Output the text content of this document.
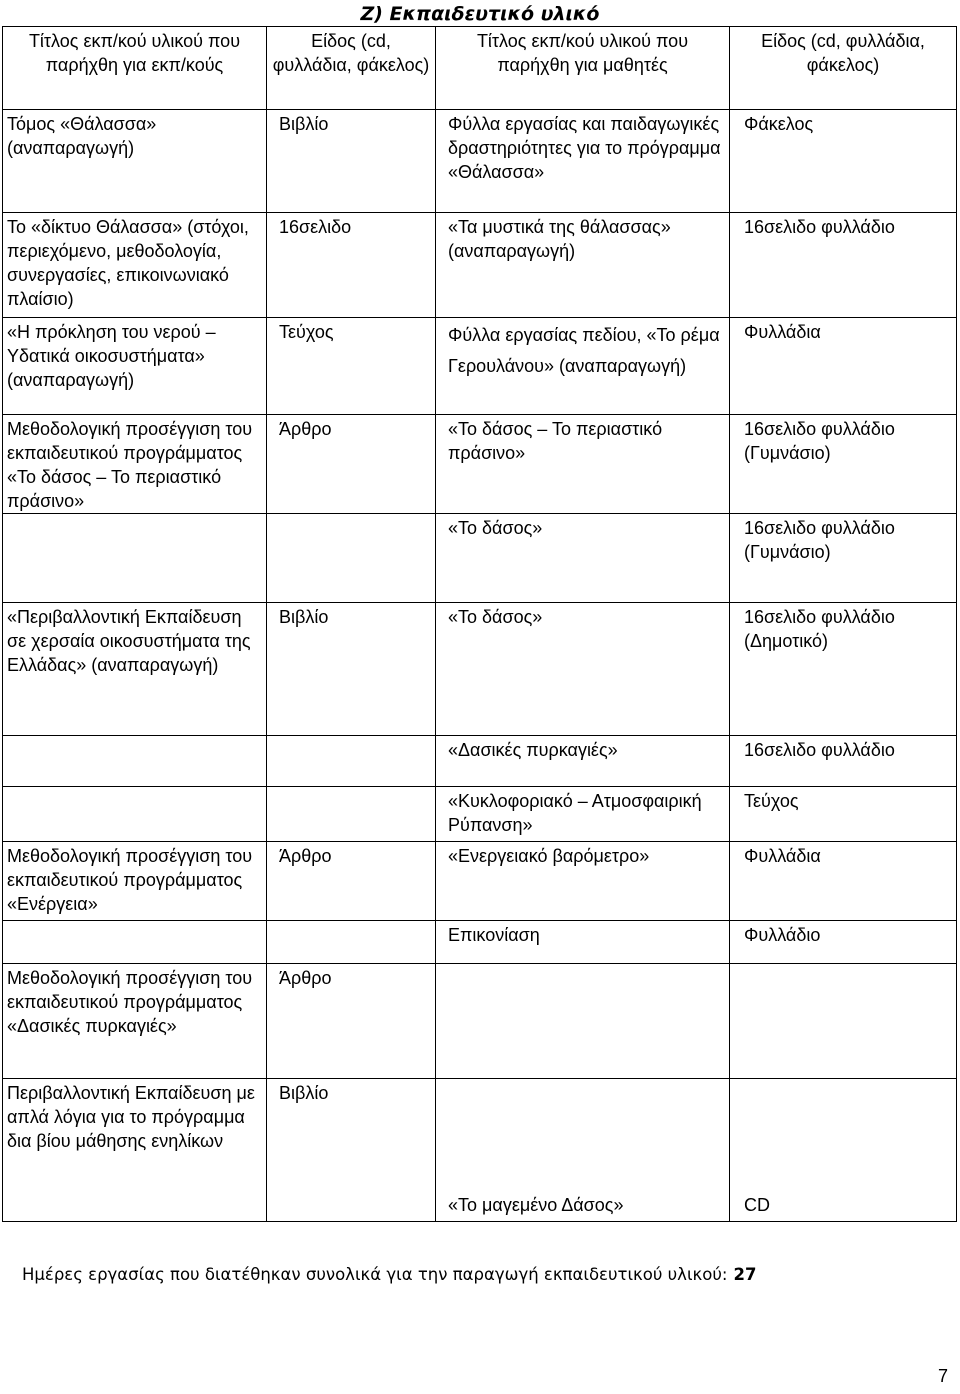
Ζ) Εκπαιδευτικό υλικό
Τίτλος εκπ/κού υλικού που παρήχθη για εκπ/κούς	Είδος (cd, φυλλάδια, φάκελος)	Τίτλος εκπ/κού υλικού που παρήχθη για μαθητές	Είδος (cd, φυλλάδια, φάκελος)
Τόμος «Θάλασσα» (αναπαραγωγή)	Βιβλίο	Φύλλα εργασίας και παιδαγωγικές δραστηριότητες για το πρόγραμμα «Θάλασσα»	Φάκελος
Το «δίκτυο Θάλασσα» (στόχοι, περιεχόμενο, μεθοδολογία, συνεργασίες, επικοινωνιακό πλαίσιο)	16σελιδο	«Τα μυστικά της θάλασσας» (αναπαραγωγή)	16σελιδο φυλλάδιο
«Η πρόκληση του νερού – Υδατικά οικοσυστήματα» (αναπαραγωγή)	Τεύχος	Φύλλα εργασίας πεδίου, «Το ρέμα Γερουλάνου» (αναπαραγωγή)	Φυλλάδια
Μεθοδολογική προσέγγιση του εκπαιδευτικού προγράμματος «Το δάσος – Το περιαστικό πράσινο»	Άρθρο	«Το δάσος – Το περιαστικό πράσινο»	16σελιδο φυλλάδιο (Γυμνάσιο)
		«Το δάσος»	16σελιδο φυλλάδιο (Γυμνάσιο)
«Περιβαλλοντική Εκπαίδευση σε χερσαία οικοσυστήματα της Ελλάδας» (αναπαραγωγή)	Βιβλίο	«Το δάσος»	16σελιδο φυλλάδιο (Δημοτικό)
		«Δασικές πυρκαγιές»	16σελιδο φυλλάδιο
		«Κυκλοφοριακό – Ατμοσφαιρική Ρύπανση»	Τεύχος
Μεθοδολογική προσέγγιση του εκπαιδευτικού προγράμματος «Ενέργεια»	Άρθρο	«Ενεργειακό βαρόμετρο»	Φυλλάδια
		Επικονίαση	Φυλλάδιο
Μεθοδολογική προσέγγιση του εκπαιδευτικού προγράμματος «Δασικές πυρκαγιές»	Άρθρο		
Περιβαλλοντική Εκπαίδευση με απλά λόγια για το πρόγραμμα δια βίου μάθησης ενηλίκων	Βιβλίο	«Το μαγεμένο Δάσος»	CD
Ημέρες εργασίας που διατέθηκαν συνολικά για την παραγωγή εκπαιδευτικού υλικού: 27
7
